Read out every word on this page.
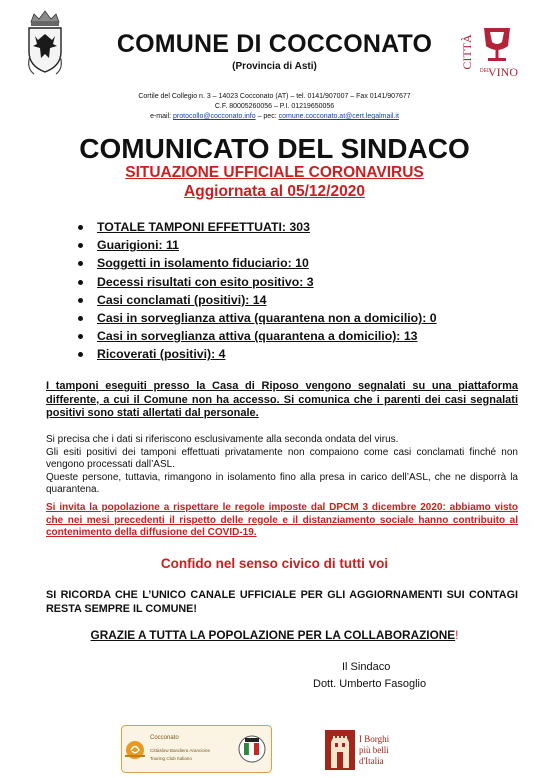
CITTÀ
DEL
VINO
COMUNE DI COCCONATO
(Provincia di Asti)
Cortile del Collegio n. 3 – 14023 Cocconato (AT) – tel. 0141/907007 – Fax 0141/907677
C.F. 80005260056 – P.I. 01219650056
e-mail: protocollo@cocconato.info – pec: comune.cocconato.at@cert.legalmail.it
COMUNICATO DEL SINDACO
SITUAZIONE UFFICIALE CORONAVIRUS
Aggiornata al 05/12/2020
TOTALE TAMPONI EFFETTUATI: 303
Guarigioni: 11
Soggetti in isolamento fiduciario: 10
Decessi risultati con esito positivo: 3
Casi conclamati (positivi): 14
Casi in sorveglianza attiva (quarantena non a domicilio): 0
Casi in sorveglianza attiva (quarantena a domicilio): 13
Ricoverati (positivi): 4
I tamponi eseguiti presso la Casa di Riposo vengono segnalati su una piattaforma differente, a cui il Comune non ha accesso. Si comunica che i parenti dei casi segnalati positivi sono stati allertati dal personale.

Si precisa che i dati si riferiscono esclusivamente alla seconda ondata del virus.

Gli esiti positivi dei tamponi effettuati privatamente non compaiono come casi conclamati finché non vengono processati dall’ASL.

Queste persone, tuttavia, rimangono in isolamento fino alla presa in carico dell’ASL, che ne disporrà la quarantena.

Si invita la popolazione a rispettare le regole imposte dal DPCM 3 dicembre 2020: abbiamo visto che nei mesi precedenti il rispetto delle regole e il distanziamento sociale hanno contribuito al contenimento della diffusione del COVID-19.
Confido nel senso civico di tutti voi
SI RICORDA CHE L’UNICO CANALE UFFICIALE PER GLI AGGIORNAMENTI SUI CONTAGI RESTA SEMPRE IL COMUNE!
GRAZIE A TUTTA LA POPOLAZIONE PER LA COLLABORAZIONE!
Il Sindaco
Dott. Umberto Fasoglio
Cocconato
Cittàslow Bandiera Arancione
Touring Club Italiano
I Borghi
più belli
d'Italia
